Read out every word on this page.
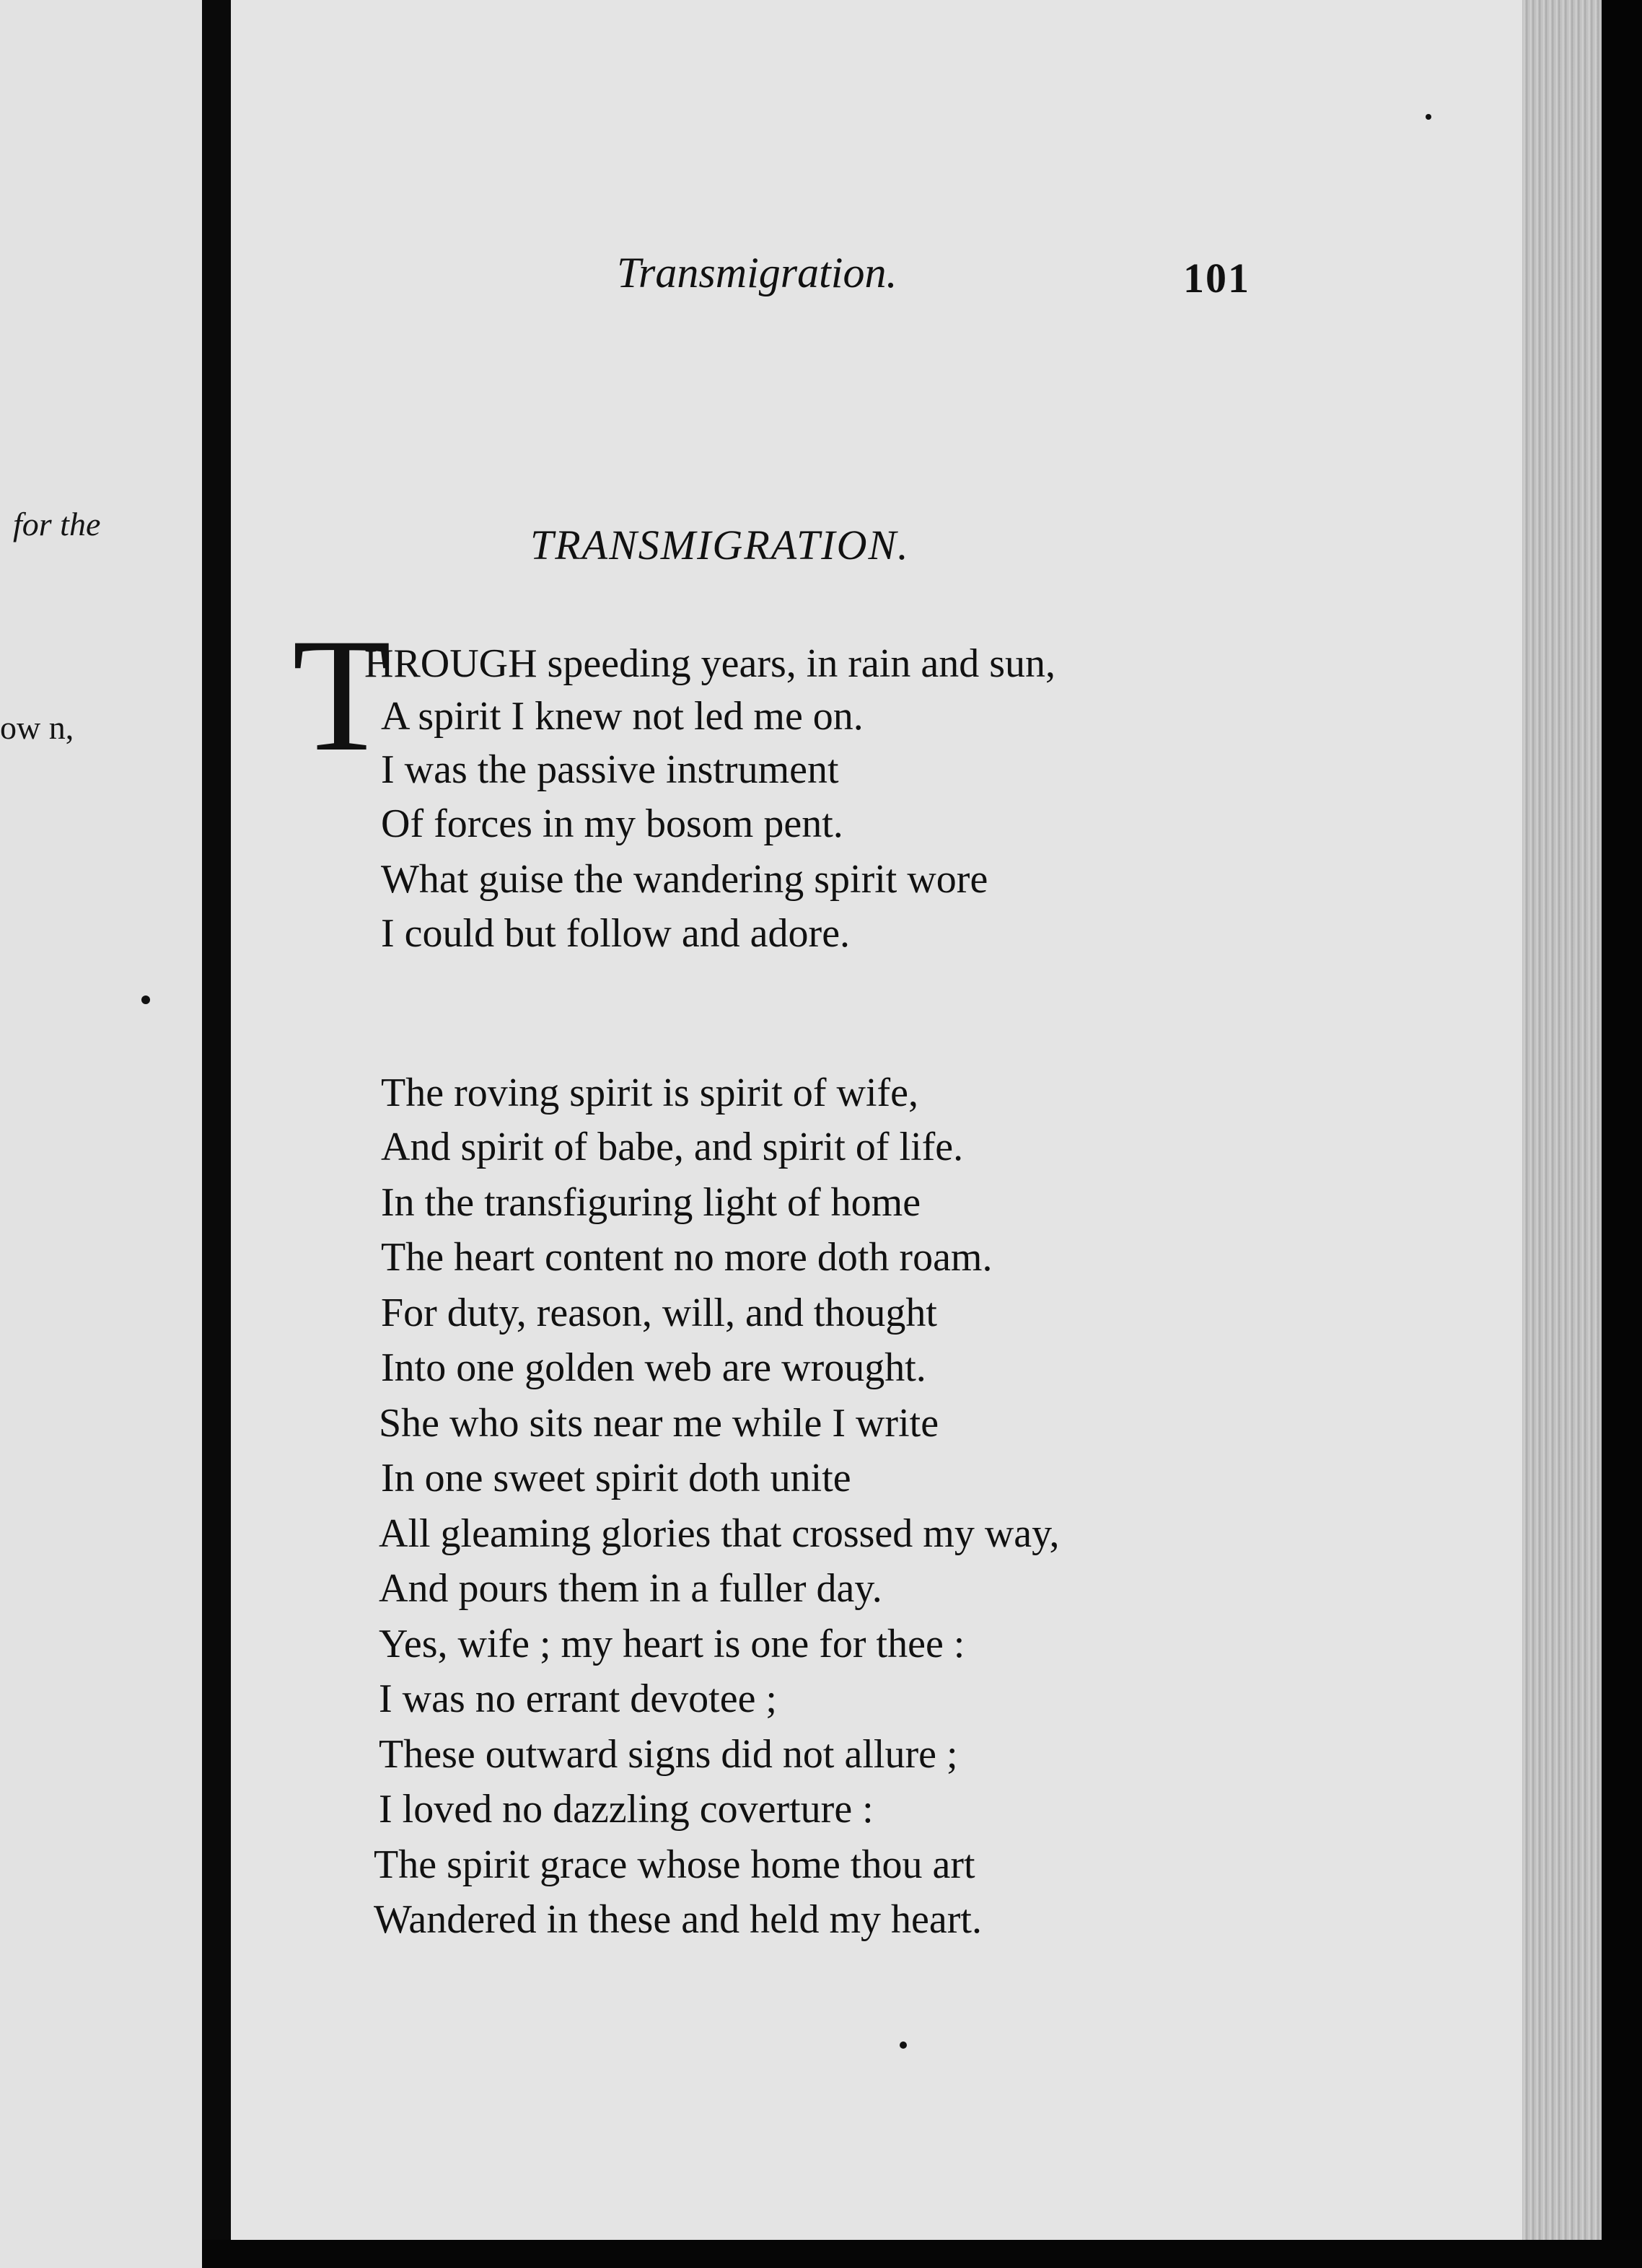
for the
ow n,
Transmigration.	101
TRANSMIGRATION.
T
HROUGH speeding years, in rain and sun,
A spirit I knew not led me on.
I was the passive instrument
Of forces in my bosom pent.
What guise the wandering spirit wore
I could but follow and adore.
The roving spirit is spirit of wife,
And spirit of babe, and spirit of life.
In the transfiguring light of home
The heart content no more doth roam.
For duty, reason, will, and thought
Into one golden web are wrought.
She who sits near me while I write
In one sweet spirit doth unite
All gleaming glories that crossed my way,
And pours them in a fuller day.
Yes, wife ; my heart is one for thee :
I was no errant devotee ;
These outward signs did not allure ;
I loved no dazzling coverture :
The spirit grace whose home thou art
Wandered in these and held my heart.
